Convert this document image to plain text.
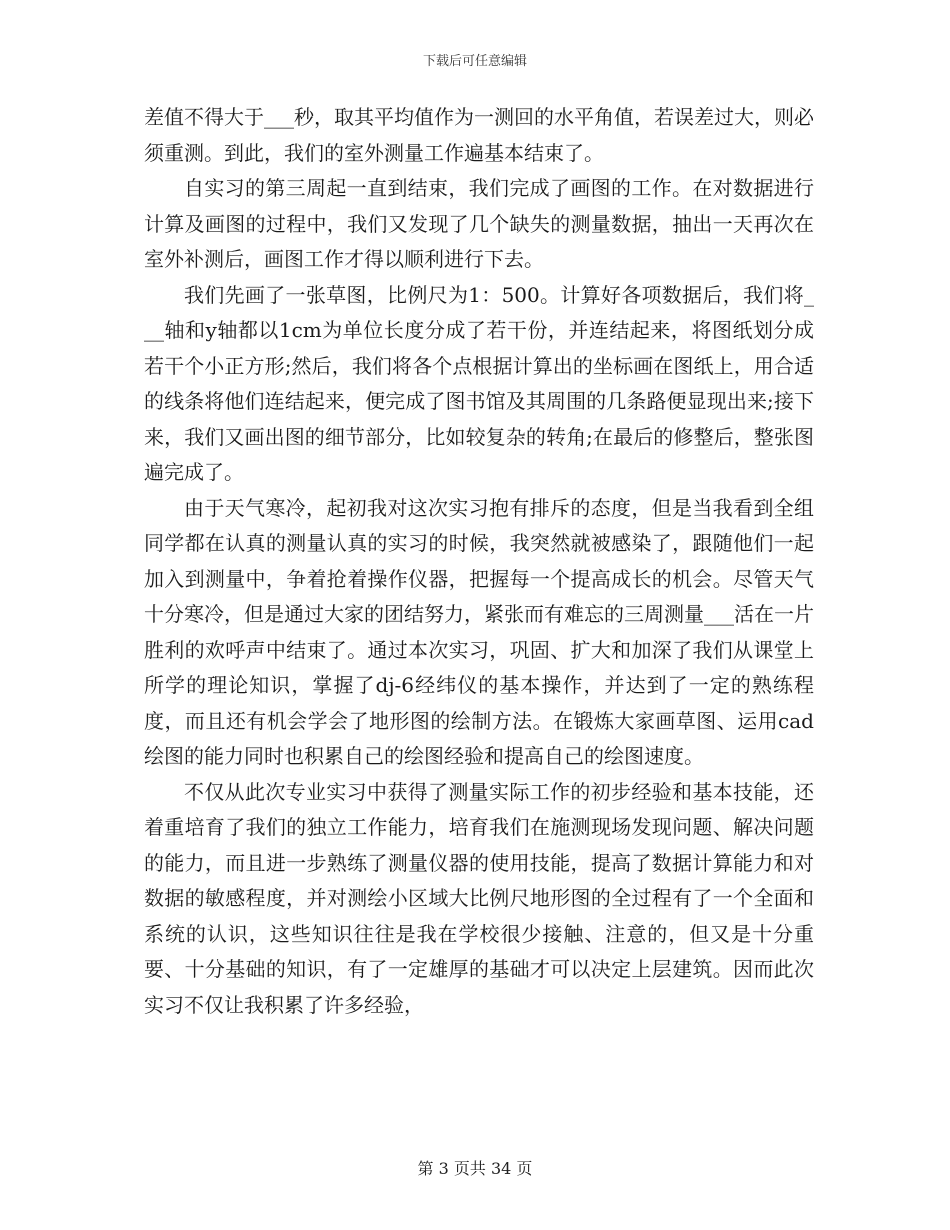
下载后可任意编辑

差值不得大于___秒，取其平均值作为一测回的水平角值，若误差过大，则必须重测。到此，我们的室外测量工作遍基本结束了。

自实习的第三周起一直到结束，我们完成了画图的工作。在对数据进行计算及画图的过程中，我们又发现了几个缺失的测量数据，抽出一天再次在室外补测后，画图工作才得以顺利进行下去。

我们先画了一张草图，比例尺为1：500。计算好各项数据后，我们将___轴和y轴都以1cm为单位长度分成了若干份，并连结起来，将图纸划分成若干个小正方形;然后，我们将各个点根据计算出的坐标画在图纸上，用合适的线条将他们连结起来，便完成了图书馆及其周围的几条路便显现出来;接下来，我们又画出图的细节部分，比如较复杂的转角;在最后的修整后，整张图遍完成了。

由于天气寒冷，起初我对这次实习抱有排斥的态度，但是当我看到全组同学都在认真的测量认真的实习的时候，我突然就被感染了，跟随他们一起加入到测量中，争着抢着操作仪器，把握每一个提高成长的机会。尽管天气十分寒冷，但是通过大家的团结努力，紧张而有难忘的三周测量___活在一片胜利的欢呼声中结束了。通过本次实习，巩固、扩大和加深了我们从课堂上所学的理论知识，掌握了dj-6经纬仪的基本操作，并达到了一定的熟练程度，而且还有机会学会了地形图的绘制方法。在锻炼大家画草图、运用cad绘图的能力同时也积累自己的绘图经验和提高自己的绘图速度。

不仅从此次专业实习中获得了测量实际工作的初步经验和基本技能，还着重培育了我们的独立工作能力，培育我们在施测现场发现问题、解决问题的能力，而且进一步熟练了测量仪器的使用技能，提高了数据计算能力和对数据的敏感程度，并对测绘小区域大比例尺地形图的全过程有了一个全面和系统的认识，这些知识往往是我在学校很少接触、注意的，但又是十分重要、十分基础的知识，有了一定雄厚的基础才可以决定上层建筑。因而此次实习不仅让我积累了许多经验，

第 3 页共 34 页
